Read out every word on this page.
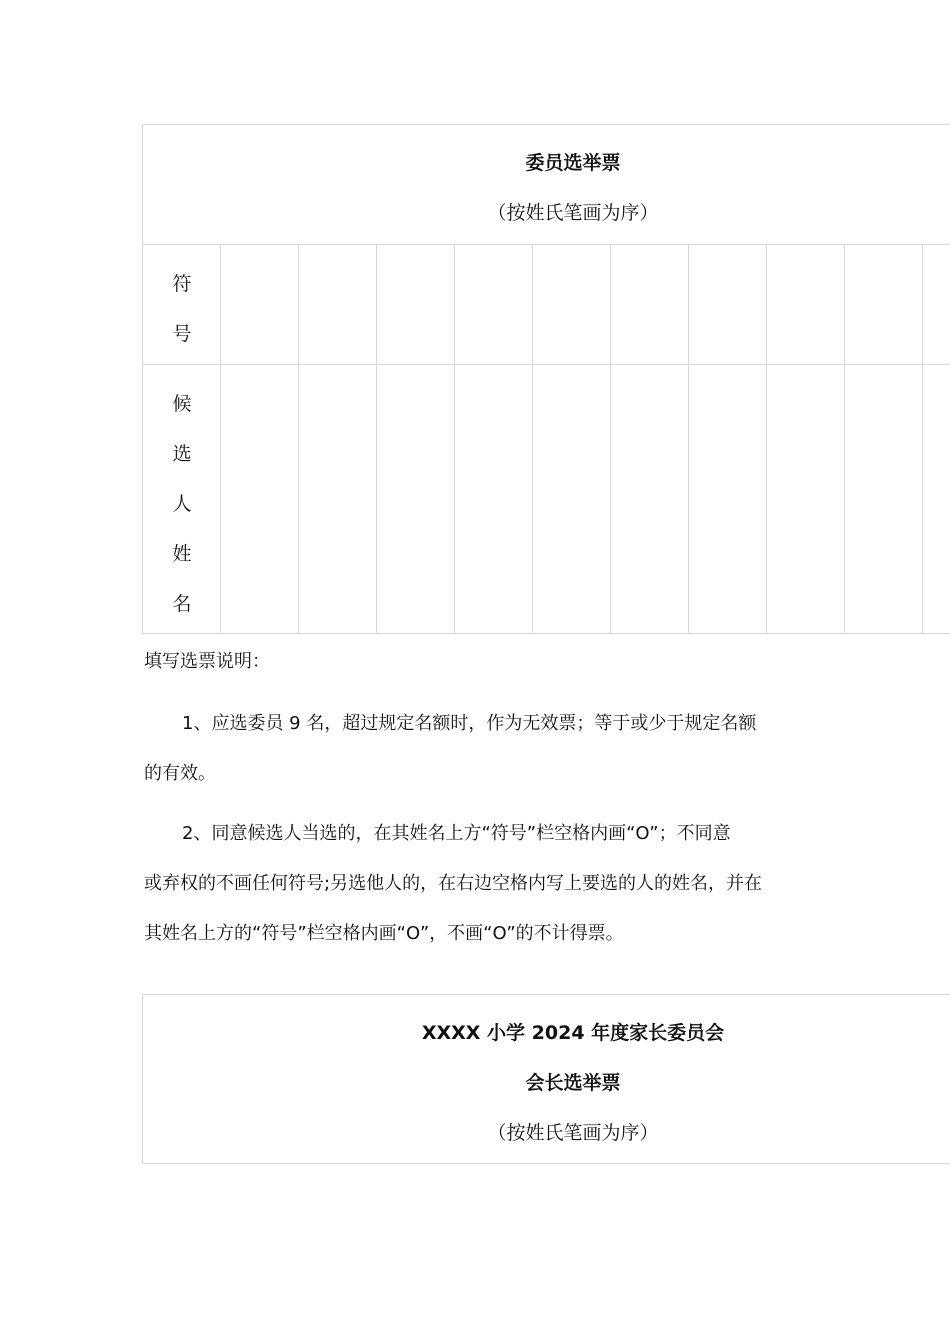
委员选举票
（按姓氏笔画为序）
符
号
候
选
人
姓
名
填写选票说明：
1、应选委员 9 名，超过规定名额时，作为无效票；等于或少于规定名额
的有效。
2、同意候选人当选的，在其姓名上方“符号”栏空格内画“O”；不同意
或弃权的不画任何符号;另选他人的，在右边空格内写上要选的人的姓名，并在
其姓名上方的“符号”栏空格内画“O”，不画“O”的不计得票。
XXXX 小学 2024 年度家长委员会
会长选举票
（按姓氏笔画为序）
